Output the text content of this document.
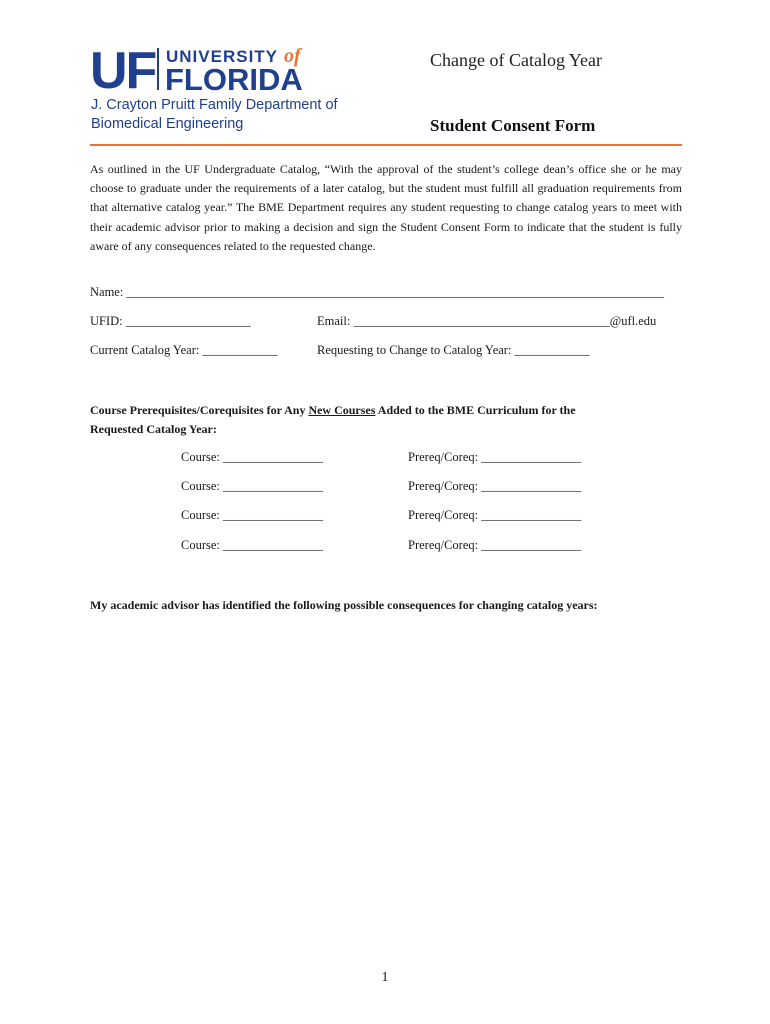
UF UNIVERSITY of
FLORIDA
J. Crayton Pruitt Family Department of
Biomedical Engineering
Change of Catalog Year
Student Consent Form
As outlined in the UF Undergraduate Catalog, “With the approval of the student’s college dean’s office she or he may choose to graduate under the requirements of a later catalog, but the student must fulfill all graduation requirements from that alternative catalog year.” The BME Department requires any student requesting to change catalog years to meet with their academic advisor prior to making a decision and sign the Student Consent Form to indicate that the student is fully aware of any consequences related to the requested change.
Name: ______________________________________________________________________________________
UFID: ____________________	Email: _________________________________________@ufl.edu
Current Catalog Year: ____________	Requesting to Change to Catalog Year: ____________
Course Prerequisites/Corequisites for Any New Courses Added to the BME Curriculum for the
Requested Catalog Year:
Course: ________________	Prereq/Coreq: ________________
Course: ________________	Prereq/Coreq: ________________
Course: ________________	Prereq/Coreq: ________________
Course: ________________	Prereq/Coreq: ________________
My academic advisor has identified the following possible consequences for changing catalog years:
1
